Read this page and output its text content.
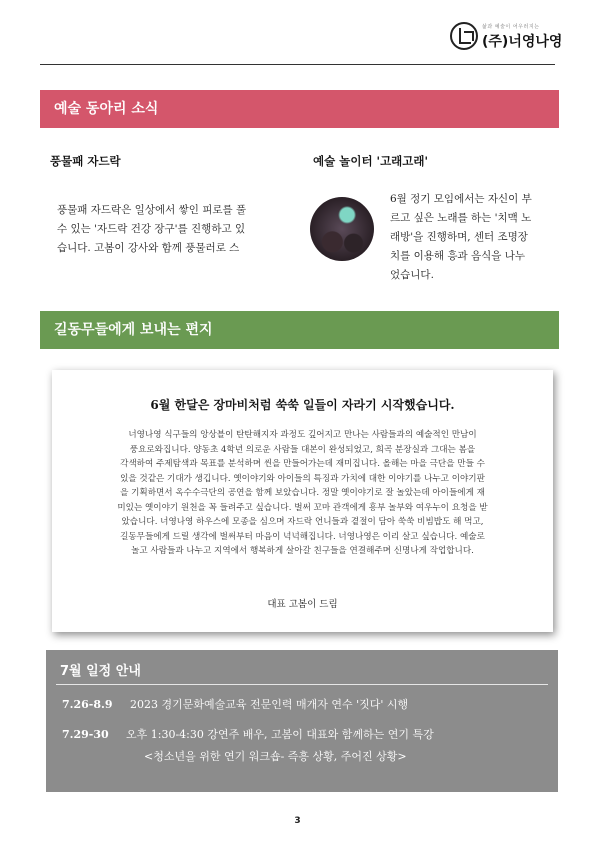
삶과 예술이 어우러지는
(주)너영나영
예술 동아리 소식
풍물패 자드락
풍물패 자드락은 일상에서 쌓인 피로를 풀
수 있는 '자드락 건강 장구'를 진행하고 있
습니다. 고봄이 강사와 함께 풍물러로 스
예술 놀이터 '고래고래'
6월 정기 모임에서는 자신이 부
르고 싶은 노래를 하는 '치맥 노
래방'을 진행하며, 센터 조명장
치를 이용해 흥과 음식을 나누
었습니다.
길동무들에게 보내는 편지
6월 한달은 장마비처럼 쑥쑥 일들이 자라기 시작했습니다.
너영나영 식구들의 앙상블이 탄탄해지자 과정도 깊어지고 만나는 사람들과의 예술적인 만남이
풍요로와집니다. 양동초 4학년 의로운 사람들 대본이 완성되었고, 희곡 분장실과 그대는 봄을
각색하여 주제탐색과 목표를 분석하며 씬을 만들어가는데 재미집니다. 올해는 마을 극단을 만들 수
있을 것같은 기대가 생깁니다. 옛이야기와 아이들의 특징과 가치에 대한 이야기를 나누고 이야기판
을 기획하면서 옥수수극단의 공연을 함께 보았습니다. 정말 옛이야기로 잘 놀았는데 아이들에게 재
미있는 옛이야기 원천을 꼭 들려주고 싶습니다. 벌써 꼬마 관객에게 흥부 놀부와 여우누이 요청을 받
았습니다. 너영나영 하우스에 모종을 심으며 자드락 언니들과 곁절이 담아 쑥쑥 비빔밥도 해 먹고,
길동무들에게 드릴 생각에 벌써부터 마음이 넉넉해집니다. 너영나영은 이리 살고 싶습니다. 예술로
놀고 사람들과 나누고 지역에서 행복하게 살아갈 친구들을 연결해주며 신명나게 작업합니다.
대표 고봄이 드림
7월 일정 안내
7.26-8.9 2023 경기문화예술교육 전문인력 매개자 연수 '짓다' 시행
7.29-30 오후 1:30-4:30 강연주 배우, 고봄이 대표와 함께하는 연기 특강
<청소년을 위한 연기 워크숍- 즉흥 상황, 주어진 상황>
3
